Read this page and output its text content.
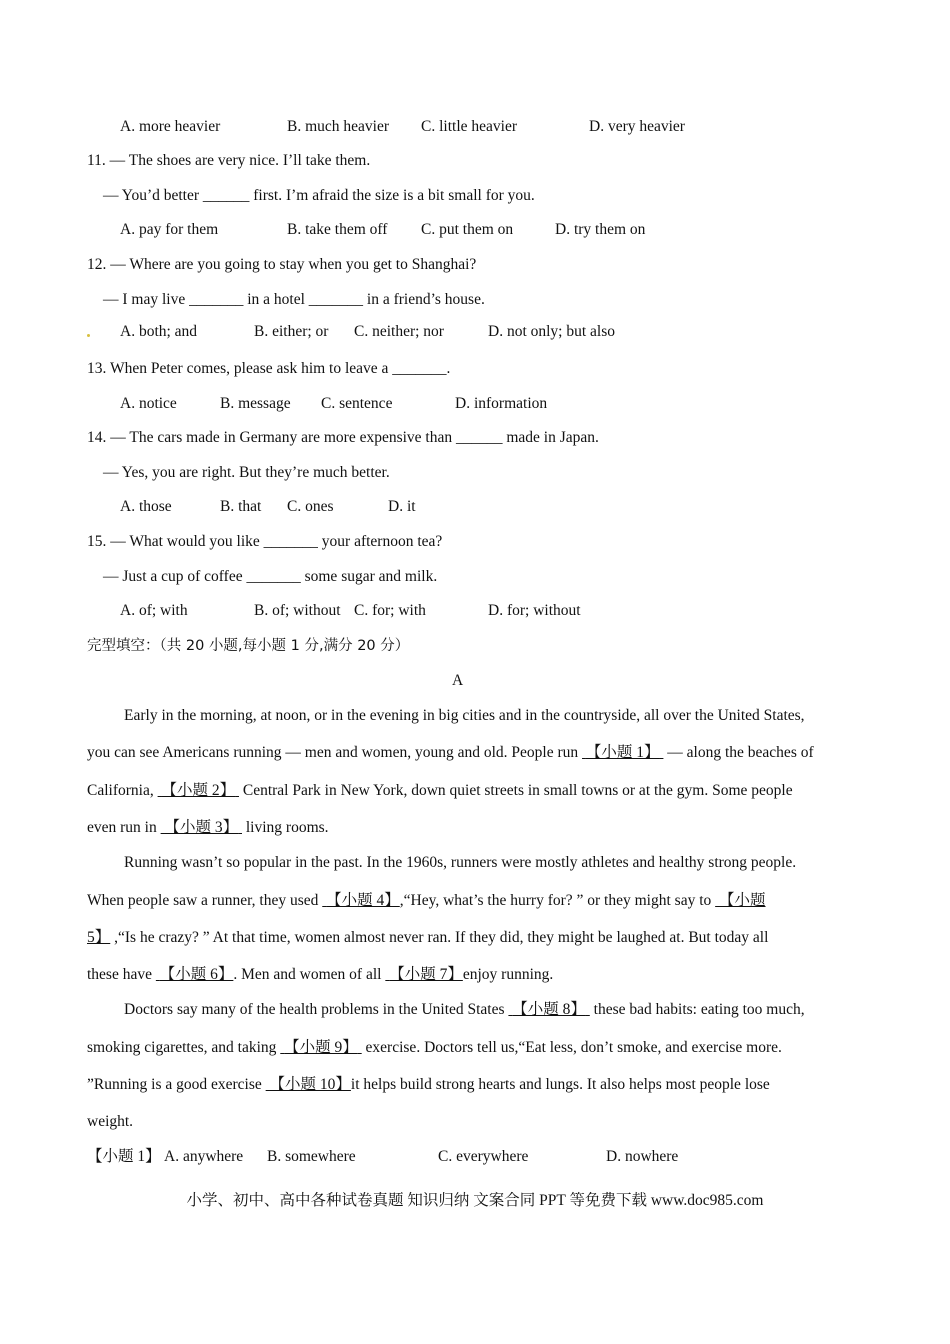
A. more heavier	B. much heavier C. little heavier	D. very heavier
11. — The shoes are very nice. I’ll take them.
— You’d better ______ first. I’m afraid the size is a bit small for you.
A. pay for them	B. take them off C. put them on	D. try them on
12. — Where are you going to stay when you get to Shanghai?
— I may live _______ in a hotel _______ in a friend’s house.
A. both; and	B. either; or C. neither; nor	D. not only; but also
13. When Peter comes, please ask him to leave a _______.
A. notice	B. message C. sentence	D. information
14. — The cars made in Germany are more expensive than ______ made in Japan.
— Yes, you are right. But they’re much better.
A. those	B. that C. ones	D. it
15. — What would you like _______ your afternoon tea?
— Just a cup of coffee _______ some sugar and milk.
A. of; with	B. of; without C. for; with	D. for; without
完型填空：（共 20 小题,每小题 1 分,满分 20 分）
A
Early in the morning, at noon, or in the evening in big cities and in the countryside, all over the United States,
you can see Americans running — men and women, young and old. People run  【小题 1】  — along the beaches of
California,  【小题 2】  Central Park in New York, down quiet streets in small towns or at the gym. Some people
even run in  【小题 3】  living rooms.
Running wasn’t so popular in the past. In the 1960s, runners were mostly athletes and healthy strong people.
When people saw a runner, they used  【小题 4】,“Hey, what’s the hurry for? ” or they might say to  【小题
5】 ,“Is he crazy? ” At that time, women almost never ran. If they did, they might be laughed at. But today all
these have  【小题 6】. Men and women of all  【小题 7】enjoy running.
Doctors say many of the health problems in the United States  【小题 8】  these bad habits: eating too much,
smoking cigarettes, and taking  【小题 9】  exercise. Doctors tell us,“Eat less, don’t smoke, and exercise more.
”Running is a good exercise  【小题 10】it helps build strong hearts and lungs. It also helps most people lose
weight.
【小题 1】 A. anywhere B. somewhere	C. everywhere	D. nowhere
小学、初中、高中各种试卷真题 知识归纳 文案合同 PPT 等免费下载 www.doc985.com
